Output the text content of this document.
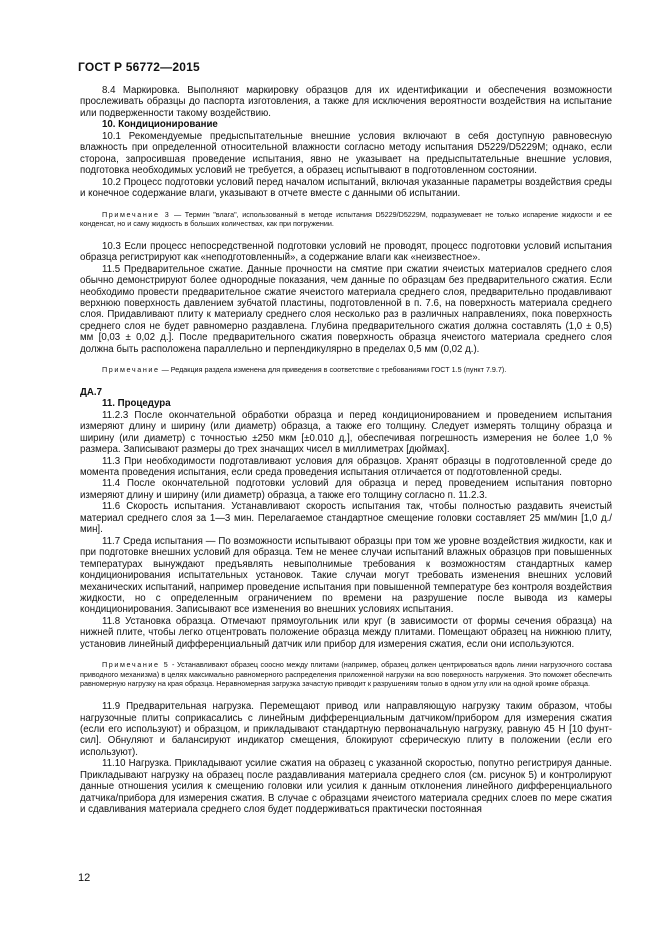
ГОСТ Р 56772—2015

8.4 Маркировка. Выполняют маркировку образцов для их идентификации и обеспечения возможности прослеживать образцы до паспорта изготовления, а также для исключения вероятности воздействия на испытание или подверженности такому воздействию.

10. Кондиционирование

10.1 Рекомендуемые предыспытательные внешние условия включают в себя доступную равновесную влажность при определенной относительной влажности согласно методу испытания D5229/D5229M; однако, если сторона, запросившая проведение испытания, явно не указывает на предыспытательные внешние условия, подготовка необходимых условий не требуется, а образец испытывают в подготовленном состоянии.

10.2 Процесс подготовки условий перед началом испытаний, включая указанные параметры воздействия среды и конечное содержание влаги, указывают в отчете вместе с данными об испытании.

Примечание 3 — Термин "влага", использованный в методе испытания D5229/D5229M, подразумевает не только испарение жидкости и ее конденсат, но и саму жидкость в больших количествах, как при погружении.

10.3 Если процесс непосредственной подготовки условий не проводят, процесс подготовки условий испытания образца регистрируют как «неподготовленный», а содержание влаги как «неизвестное».

11.5 Предварительное сжатие. Данные прочности на смятие при сжатии ячеистых материалов среднего слоя обычно демонстрируют более однородные показания, чем данные по образцам без предварительного сжатия. Если необходимо провести предварительное сжатие ячеистого материала среднего слоя, предварительно продавливают верхнюю поверхность давлением зубчатой пластины, подготовленной в п. 7.6, на поверхность материала среднего слоя. Придавливают плиту к материалу среднего слоя несколько раз в различных направлениях, пока поверхность среднего слоя не будет равномерно раздавлена. Глубина предварительного сжатия должна составлять (1,0 ± 0,5) мм [0,03 ± 0,02 д.]. После предварительного сжатия поверхность образца ячеистого материала среднего слоя должна быть расположена параллельно и перпендикулярно в пределах 0,5 мм (0,02 д.).

Примечание — Редакция раздела изменена для приведения в соответствие с требованиями ГОСТ 1.5 (пункт 7.9.7).
ДА.7
11. Процедура

11.2.3 После окончательной обработки образца и перед кондиционированием и проведением испытания измеряют длину и ширину (или диаметр) образца, а также его толщину. Следует измерять толщину образца и ширину (или диаметр) с точностью ±250 мкм [±0.010 д.], обеспечивая погрешность измерения не более 1,0 % размера. Записывают размеры до трех значащих чисел в миллиметрах [дюймах].

11.3 При необходимости подготавливают условия для образцов. Хранят образцы в подготовленной среде до момента проведения испытания, если среда проведения испытания отличается от подготовленной среды.

11.4 После окончательной подготовки условий для образца и перед проведением испытания повторно измеряют длину и ширину (или диаметр) образца, а также его толщину согласно п. 11.2.3.

11.6 Скорость испытания. Устанавливают скорость испытания так, чтобы полностью раздавить ячеистый материал среднего слоя за 1—3 мин. Перелагаемое стандартное смещение головки составляет 25 мм/мин [1,0 д./мин].

11.7 Среда испытания — По возможности испытывают образцы при том же уровне воздействия жидкости, как и при подготовке внешних условий для образца. Тем не менее случаи испытаний влажных образцов при повышенных температурах вынуждают предъявлять невыполнимые требования к возможностям стандартных камер кондиционирования испытательных установок. Такие случаи могут требовать изменения внешних условий механических испытаний, например проведение испытания при повышенной температуре без контроля воздействия жидкости, но с определенным ограничением по времени на разрушение после вывода из камеры кондиционирования. Записывают все изменения во внешних условиях испытания.

11.8 Установка образца. Отмечают прямоугольник или круг (в зависимости от формы сечения образца) на нижней плите, чтобы легко отцентровать положение образца между плитами. Помещают образец на нижнюю плиту, установив линейный дифференциальный датчик или прибор для измерения сжатия, если они используются.

Примечание 5 - Устанавливают образец соосно между плитами (например, образец должен центрироваться вдоль линии нагрузочного состава приводного механизма) в целях максимально равномерного распределения приложенной нагрузки на всю поверхность нагружения. Это поможет обеспечить равномерную нагрузку на края образца. Неравномерная загрузка зачастую приводит к разрушениям только в одном углу или на одной кромке образца.

11.9 Предварительная нагрузка. Перемещают привод или направляющую нагрузку таким образом, чтобы нагрузочные плиты соприкасались с линейным дифференциальным датчиком/прибором для измерения сжатия (если его используют) и образцом, и прикладывают стандартную первоначальную нагрузку, равную 45 Н [10 фунт-сил]. Обнуляют и балансируют индикатор смещения, блокируют сферическую плиту в положении (если его используют).

11.10 Нагрузка. Прикладывают усилие сжатия на образец с указанной скоростью, попутно регистрируя данные. Прикладывают нагрузку на образец после раздавливания материала среднего слоя (см. рисунок 5) и контролируют данные отношения усилия к смещению головки или усилия к данным отклонения линейного дифференциального датчика/прибора для измерения сжатия. В случае с образцами ячеистого материала средних слоев по мере сжатия и сдавливания материала среднего слоя будет поддерживаться практически постоянная

12
